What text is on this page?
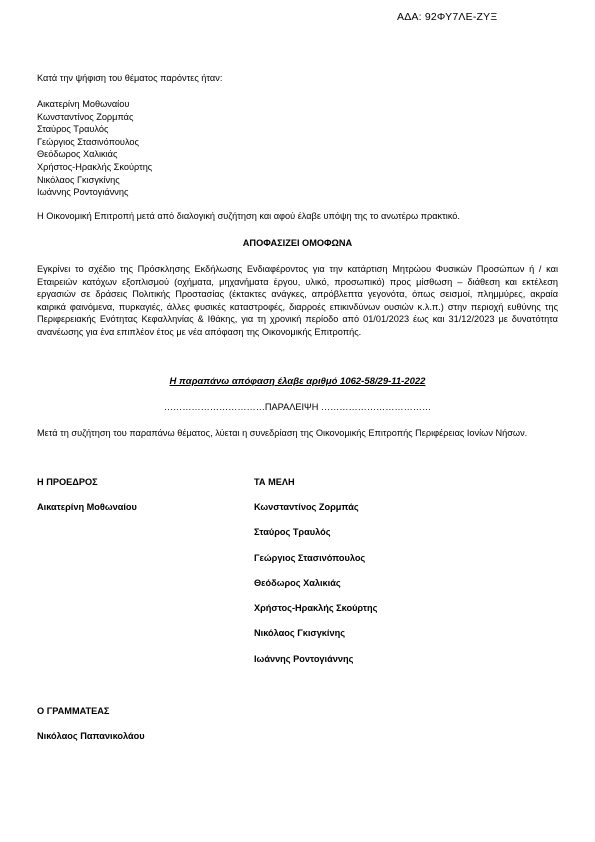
ΑΔΑ: 92ΦΥ7ΛΕ-ΖΥΞ
Κατά την ψήφιση του θέματος παρόντες ήταν:
Αικατερίνη Μοθωναίου
Κωνσταντίνος Ζορμπάς
Σταύρος Τραυλός
Γεώργιος Στασινόπουλος
Θεόδωρος Χαλικιάς
Χρήστος-Ηρακλής Σκούρτης
Νικόλαος Γκισγκίνης
Ιωάννης Ροντογιάννης
Η Οικονομική Επιτροπή μετά από διαλογική συζήτηση και αφού έλαβε υπόψη της το ανωτέρω πρακτικό.
ΑΠΟΦΑΣΙΖΕΙ ΟΜΟΦΩΝΑ
Εγκρίνει το σχέδιο της Πρόσκλησης Εκδήλωσης Ενδιαφέροντος για την κατάρτιση Μητρώου Φυσικών Προσώπων ή / και Εταιρειών κατόχων εξοπλισμού (οχήματα, μηχανήματα έργου, υλικό, προσωπικό) προς μίσθωση – διάθεση και εκτέλεση εργασιών σε δράσεις Πολιτικής Προστασίας (έκτακτες ανάγκες, απρόβλεπτα γεγονότα, όπως σεισμοί, πλημμύρες, ακραία καιρικά φαινόμενα, πυρκαγιές, άλλες φυσικές καταστροφές, διαρροές επικινδύνων ουσιών κ.λ.π.) στην περιοχή ευθύνης της Περιφερειακής Ενότητας Κεφαλληνίας & Ιθάκης, για τη χρονική περίοδο από 01/01/2023 έως και 31/12/2023 με δυνατότητα ανανέωσης για ένα επιπλέον έτος με νέα απόφαση της Οικονομικής Επιτροπής.
Η παραπάνω απόφαση έλαβε αριθμό 1062-58/29-11-2022
……………………………ΠΑΡΑΛΕΙΨΗ ………………………………
Μετά τη συζήτηση του παραπάνω θέματος, λύεται η συνεδρίαση της Οικονομικής Επιτροπής Περιφέρειας Ιονίων Νήσων.
Η ΠΡΟΕΔΡΟΣ
Αικατερίνη Μοθωναίου
ΤΑ ΜΕΛΗ
Κωνσταντίνος Ζορμπάς
Σταύρος Τραυλός
Γεώργιος Στασινόπουλος
Θεόδωρος Χαλικιάς
Χρήστος-Ηρακλής Σκούρτης
Νικόλαος Γκισγκίνης
Ιωάννης Ροντογιάννης
Ο ΓΡΑΜΜΑΤΕΑΣ
Νικόλαος Παπανικολάου
